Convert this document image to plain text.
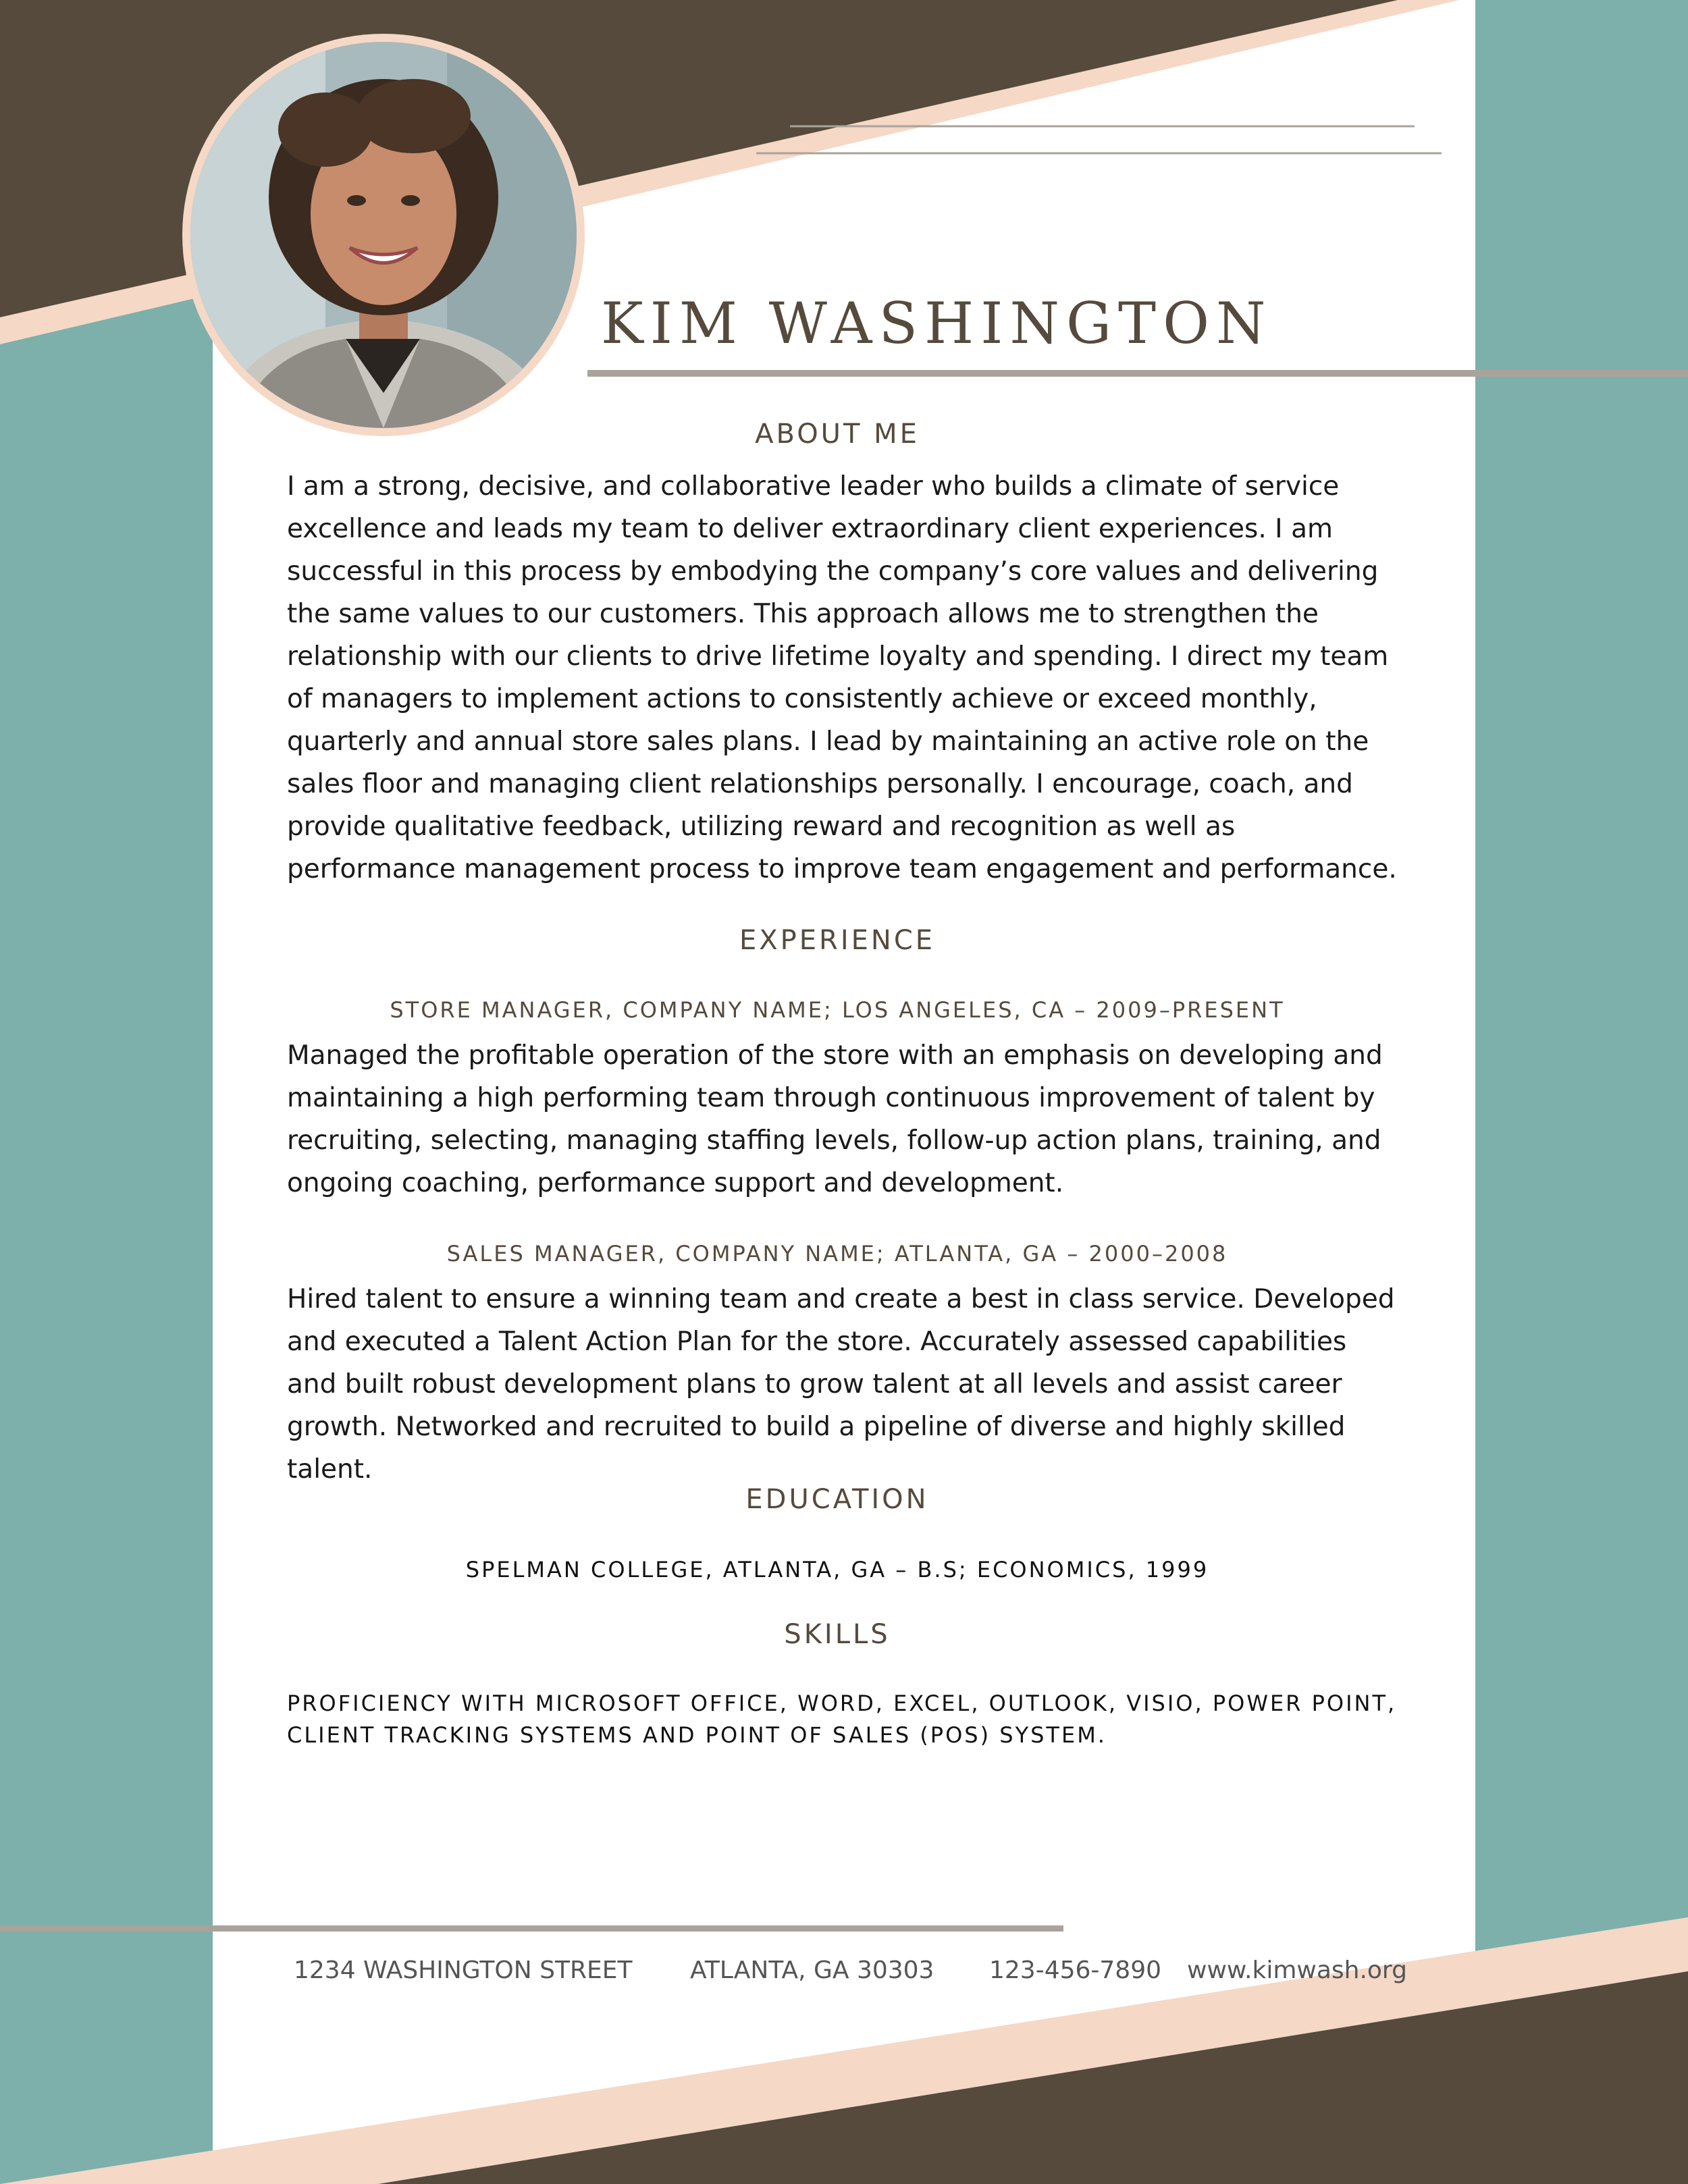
KIM WASHINGTON
ABOUT ME
I am a strong, decisive, and collaborative leader who builds a climate of service excellence and leads my team to deliver extraordinary client experiences. I am successful in this process by embodying the company’s core values and delivering the same values to our customers. This approach allows me to strengthen the relationship with our clients to drive lifetime loyalty and spending. I direct my team of managers to implement actions to consistently achieve or exceed monthly, quarterly and annual store sales plans. I lead by maintaining an active role on the sales floor and managing client relationships personally. I encourage, coach, and provide qualitative feedback, utilizing reward and recognition as well as performance management process to improve team engagement and performance.
EXPERIENCE
STORE MANAGER, COMPANY NAME; LOS ANGELES, CA – 2009–PRESENT
Managed the profitable operation of the store with an emphasis on developing and maintaining a high performing team through continuous improvement of talent by recruiting, selecting, managing staffing levels, follow-up action plans, training, and ongoing coaching, performance support and development.
SALES MANAGER, COMPANY NAME; ATLANTA, GA – 2000–2008
Hired talent to ensure a winning team and create a best in class service. Developed and executed a Talent Action Plan for the store. Accurately assessed capabilities and built robust development plans to grow talent at all levels and assist career growth. Networked and recruited to build a pipeline of diverse and highly skilled talent.
EDUCATION
SPELMAN COLLEGE, ATLANTA, GA – B.S; ECONOMICS, 1999
SKILLS
PROFICIENCY WITH MICROSOFT OFFICE, WORD, EXCEL, OUTLOOK, VISIO, POWER POINT, CLIENT TRACKING SYSTEMS AND POINT OF SALES (POS) SYSTEM.
1234 WASHINGTON STREET ATLANTA, GA 30303 123-456-7890 www.kimwash.org
